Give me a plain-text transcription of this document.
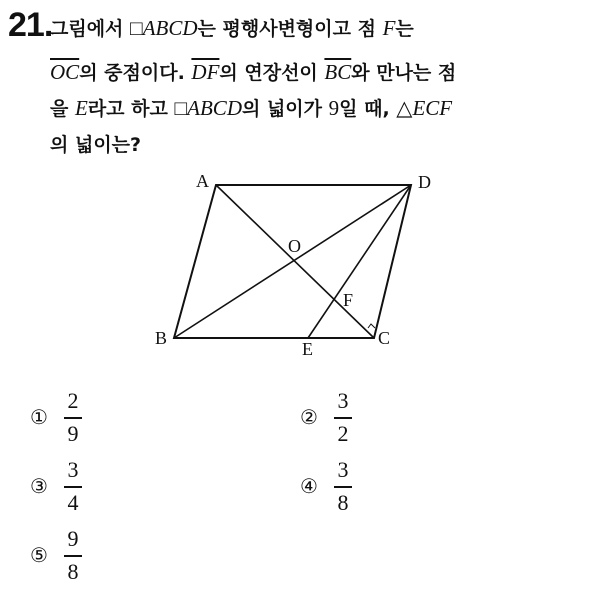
21.
그림에서 □ABCD는 평행사변형이고 점 F는
$\overline{OC}$의 중점이다. $\overline{DF}$의 연장선이 $\overline{BC}$와 만나는 점
을 E라고 하고 □ABCD의 넓이가 9일 때, △ECF
의 넓이는?
A	D
B	C
O
F
E
① $\frac{2}{9}$	② $\frac{3}{2}$
③ $\frac{3}{4}$	④ $\frac{3}{8}$
⑤ $\frac{9}{8}$
